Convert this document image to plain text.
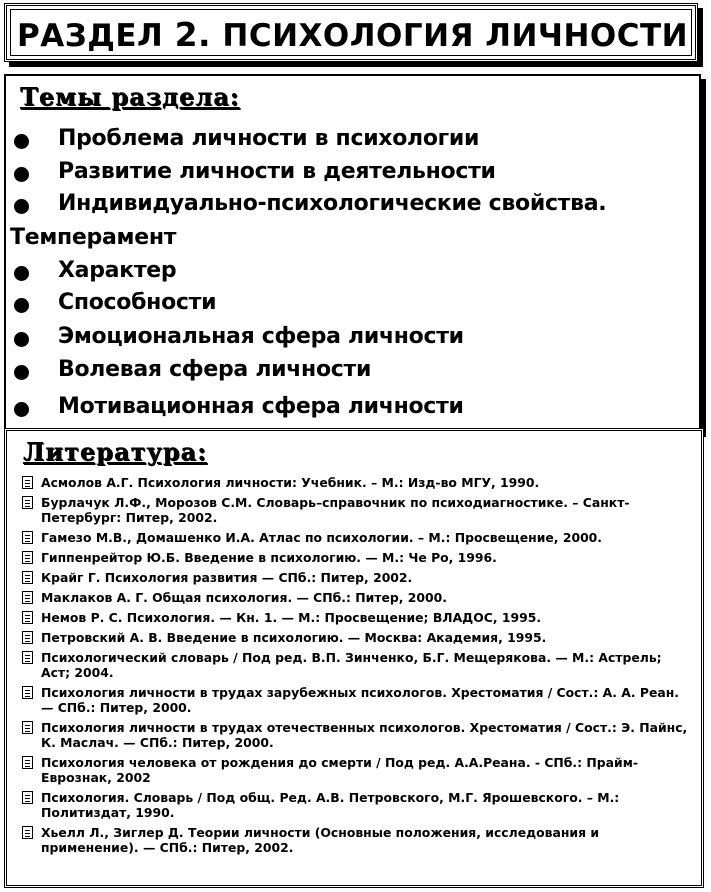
РАЗДЕЛ 2. ПСИХОЛОГИЯ ЛИЧНОСТИ
Темы раздела:
Проблема личности в психологии
Развитие личности в деятельности
Индивидуально-психологические свойства.
Темперамент
Характер
Способности
Эмоциональная сфера личности
Волевая сфера личности
Мотивационная сфера личности
Литература:
Асмолов А.Г. Психология личности: Учебник. – М.: Изд-во МГУ, 1990.
Бурлачук Л.Ф., Морозов С.М. Словарь–справочник по психодиагностике. – Санкт-Петербург: Питер, 2002.
Гамезо М.В., Домашенко И.А. Атлас по психологии. – М.: Просвещение, 2000.
Гиппенрейтор Ю.Б. Введение в психологию. — М.: Че Ро, 1996.
Крайг Г. Психология развития — СПб.: Питер, 2002.
Маклаков А. Г. Общая психология. — СПб.: Питер, 2000.
Немов Р. С. Психология. — Кн. 1. — М.: Просвещение; ВЛАДОС, 1995.
Петровский А. В. Введение в психологию. — Москва: Академия, 1995.
Психологический словарь / Под ред. В.П. Зинченко, Б.Г. Мещерякова. — М.: Астрель; Аст; 2004.
Психология личности в трудах зарубежных психологов. Хрестоматия / Сост.: А. А. Реан. — СПб.: Питер, 2000.
Психология личности в трудах отечественных психологов. Хрестоматия / Сост.: Э. Пайнс, К. Маслач. — СПб.: Питер, 2000.
Психология человека от рождения до смерти / Под ред. А.А.Реана. - СПб.: Прайм-Еврознак, 2002
Психология. Словарь / Под общ. Ред. А.В. Петровского, М.Г. Ярошевского. – М.: Политиздат, 1990.
Хьелл Л., Зиглер Д. Теории личности (Основные положения, исследования и применение). — СПб.: Питер, 2002.
